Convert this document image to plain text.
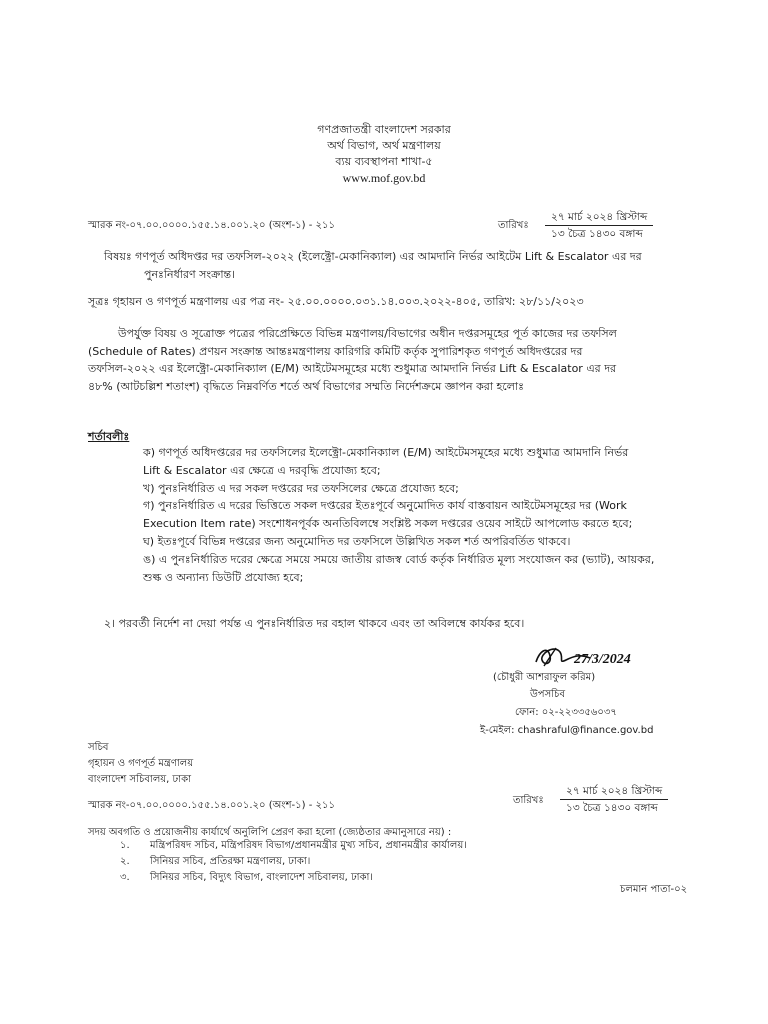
গণপ্রজাতন্ত্রী বাংলাদেশ সরকার
অর্থ বিভাগ, অর্থ মন্ত্রণালয়
ব্যয় ব্যবস্থাপনা শাখা-৫
www.mof.gov.bd
স্মারক নং-০৭.০০.০০০০.১৫৫.১৪.০০১.২০ (অংশ-১) - ২১১	তারিখঃ
২৭ মার্চ ২০২৪ খ্রিস্টাব্দ
১৩ চৈত্র ১৪৩০ বঙ্গাব্দ
বিষয়ঃ গণপূর্ত অধিদপ্তর দর তফসিল-২০২২ (ইলেক্ট্রো-মেকানিক্যাল) এর আমদানি নির্ভর আইটেম Lift & Escalator এর দর
পুনঃনির্ধারণ সংক্রান্ত।
সূত্রঃ গৃহায়ন ও গণপূর্ত মন্ত্রণালয় এর পত্র নং- ২৫.০০.০০০০.০৩১.১৪.০০৩.২০২২-৪০৫, তারিখ: ২৮/১১/২০২৩
উপর্যুক্ত বিষয় ও সূত্রোক্ত পত্রের পরিপ্রেক্ষিতে বিভিন্ন মন্ত্রণালয়/বিভাগের অধীন দপ্তরসমূহের পূর্ত কাজের দর তফসিল
(Schedule of Rates) প্রণয়ন সংক্রান্ত আন্তঃমন্ত্রণালয় কারিগরি কমিটি কর্তৃক সুপারিশকৃত গণপূর্ত অধিদপ্তরের দর
তফসিল-২০২২ এর ইলেক্ট্রো-মেকানিক্যাল (E/M) আইটেমসমূহের মধ্যে শুধুমাত্র আমদানি নির্ভর Lift & Escalator এর দর
৪৮% (আটচল্লিশ শতাংশ) বৃদ্ধিতে নিম্নবর্ণিত শর্তে অর্থ বিভাগের সম্মতি নির্দেশক্রমে জ্ঞাপন করা হলোঃ
শর্তাবলীঃ
ক) গণপূর্ত অধিদপ্তরের দর তফসিলের ইলেক্ট্রো-মেকানিক্যাল (E/M) আইটেমসমূহের মধ্যে শুধুমাত্র আমদানি নির্ভর
Lift & Escalator এর ক্ষেত্রে এ দরবৃদ্ধি প্রযোজ্য হবে;
খ) পুনঃনির্ধারিত এ দর সকল দপ্তরের দর তফসিলের ক্ষেত্রে প্রযোজ্য হবে;
গ) পুনঃনির্ধারিত এ দরের ভিত্তিতে সকল দপ্তরের ইতঃপূর্বে অনুমোদিত কার্য বাস্তবায়ন আইটেমসমূহের দর (Work
Execution Item rate) সংশোধনপূর্বক অনতিবিলম্বে সংশ্লিষ্ট সকল দপ্তরের ওয়েব সাইটে আপলোড করতে হবে;
ঘ) ইতঃপূর্বে বিভিন্ন দপ্তরের জন্য অনুমোদিত দর তফসিলে উল্লিখিত সকল শর্ত অপরিবর্তিত থাকবে।
ঙ) এ পুনঃনির্ধারিত দরের ক্ষেত্রে সময়ে সময়ে জাতীয় রাজস্ব বোর্ড কর্তৃক নির্ধারিত মূল্য সংযোজন কর (ভ্যাট), আয়কর,
শুল্ক ও অন্যান্য ডিউটি প্রযোজ্য হবে;
২। পরবর্তী নির্দেশ না দেয়া পর্যন্ত এ পুনঃনির্ধারিত দর বহাল থাকবে এবং তা অবিলম্বে কার্যকর হবে।
27/3/2024
(চৌধুরী আশরাফুল করিম)
উপসচিব
ফোন: ০২-২২৩৩৫৬০৩৭
ই-মেইল: chashraful@finance.gov.bd
সচিব
গৃহায়ন ও গণপূর্ত মন্ত্রণালয়
বাংলাদেশ সচিবালয়, ঢাকা
স্মারক নং-০৭.০০.০০০০.১৫৫.১৪.০০১.২০ (অংশ-১) - ২১১	তারিখঃ
২৭ মার্চ ২০২৪ খ্রিস্টাব্দ
১৩ চৈত্র ১৪৩০ বঙ্গাব্দ
সদয় অবগতি ও প্রয়োজনীয় কার্যার্থে অনুলিপি প্রেরণ করা হলো (জ্যেষ্ঠতার ক্রমানুসারে নয়) :
১. মন্ত্রিপরিষদ সচিব, মন্ত্রিপরিষদ বিভাগ/প্রধানমন্ত্রীর মুখ্য সচিব, প্রধানমন্ত্রীর কার্যালয়।
২. সিনিয়র সচিব, প্রতিরক্ষা মন্ত্রণালয়, ঢাকা।
৩. সিনিয়র সচিব, বিদ্যুৎ বিভাগ, বাংলাদেশ সচিবালয়, ঢাকা।
চলমান পাতা-০২
